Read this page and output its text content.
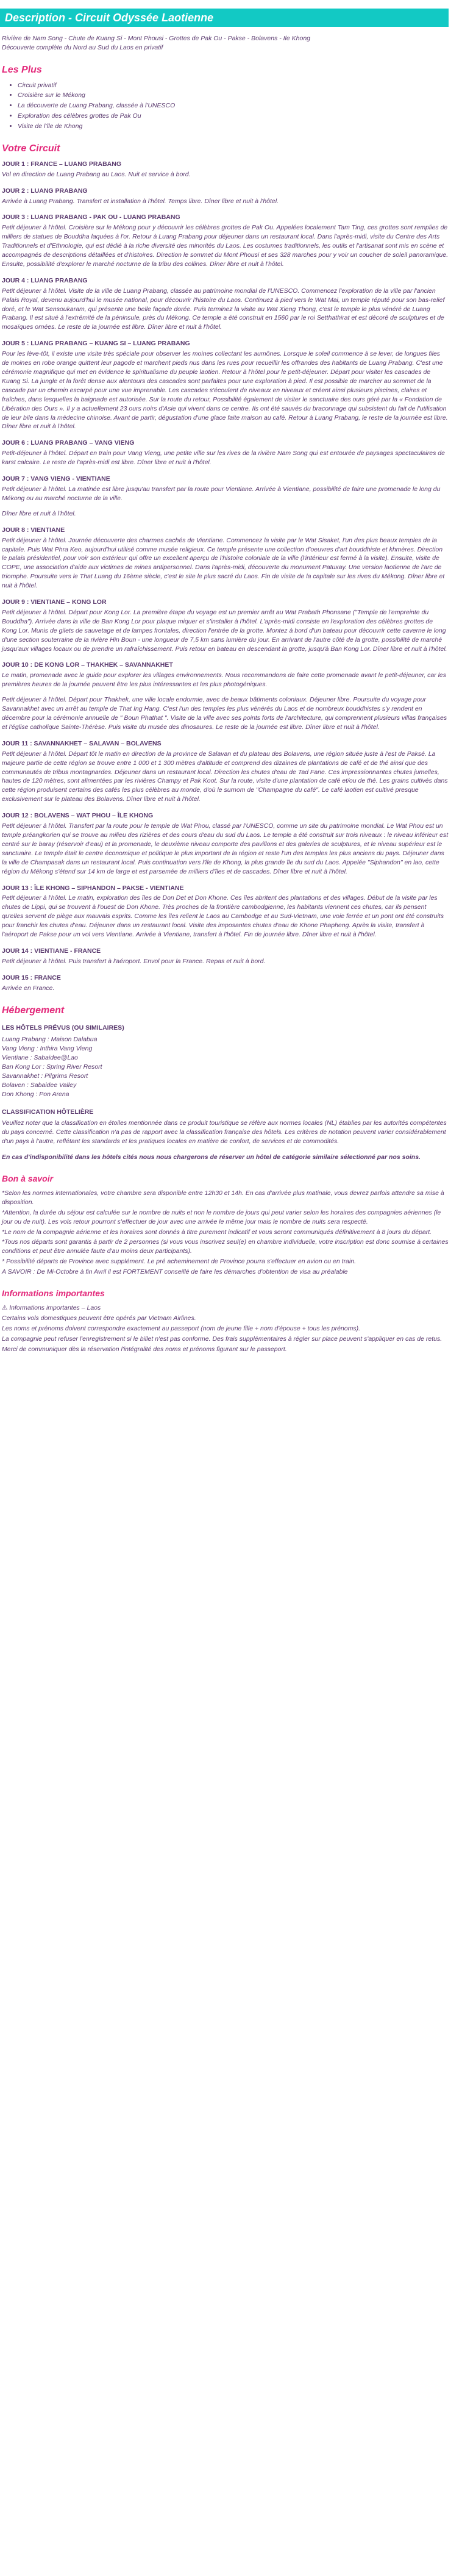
Description - Circuit Odyssée Laotienne

Rivière de Nam Song - Chute de Kuang Si - Mont Phousi - Grottes de Pak Ou - Pakse - Bolavens - Ile Khong
Découverte complète du Nord au Sud du Laos en privatif

Les Plus
• Circuit privatif
• Croisière sur le Mékong
• La découverte de Luang Prabang, classée à l'UNESCO
• Exploration des célèbres grottes de Pak Ou
• Visite de l'île de Khong
Votre Circuit
JOUR 1 : FRANCE – LUANG PRABANG

Vol en direction de Luang Prabang au Laos. Nuit et service à bord.

JOUR 2 : LUANG PRABANG

Arrivée à Luang Prabang. Transfert et installation à l'hôtel. Temps libre. Dîner libre et nuit à l'hôtel.

JOUR 3 : LUANG PRABANG - PAK OU - LUANG PRABANG

Petit déjeuner à l'hôtel. Croisière sur le Mékong pour y découvrir les célèbres grottes de Pak Ou. Appelées localement Tam Ting, ces grottes sont remplies de milliers de statues de Bouddha laquées à l'or. Retour à Luang Prabang pour déjeuner dans un restaurant local. Dans l'après-midi, visite du Centre des Arts Traditionnels et d'Ethnologie, qui est dédié à la riche diversité des minorités du Laos. Les costumes traditionnels, les outils et l'artisanat sont mis en scène et accompagnés de descriptions détaillées et d'histoires. Direction le sommet du Mont Phousi et ses 328 marches pour y voir un coucher de soleil panoramique. Ensuite, possibilité d'explorer le marché nocturne de la tribu des collines. Dîner libre et nuit à l'hôtel.

JOUR 4 : LUANG PRABANG

Petit déjeuner à l'hôtel. Visite de la ville de Luang Prabang, classée au patrimoine mondial de l'UNESCO. Commencez l'exploration de la ville par l'ancien Palais Royal, devenu aujourd'hui le musée national, pour découvrir l'histoire du Laos. Continuez à pied vers le Wat Mai, un temple réputé pour son bas-relief doré, et le Wat Sensoukaram, qui présente une belle façade dorée. Puis terminez la visite au Wat Xieng Thong, c'est le temple le plus vénéré de Luang Prabang. Il est situé à l'extrémité de la péninsule, près du Mékong. Ce temple a été construit en 1560 par le roi Setthathirat et est décoré de sculptures et de mosaïques ornées. Le reste de la journée est libre. Dîner libre et nuit à l'hôtel.

JOUR 5 : LUANG PRABANG – KUANG SI – LUANG PRABANG

Pour les lève-tôt, il existe une visite très spéciale pour observer les moines collectant les aumônes. Lorsque le soleil commence à se lever, de longues files de moines en robe orange quittent leur pagode et marchent pieds nus dans les rues pour recueillir les offrandes des habitants de Luang Prabang. C'est une cérémonie magnifique qui met en évidence le spiritualisme du peuple laotien. Retour à l'hôtel pour le petit-déjeuner. Départ pour visiter les cascades de Kuang Si. La jungle et la forêt dense aux alentours des cascades sont parfaites pour une exploration à pied. Il est possible de marcher au sommet de la cascade par un chemin escarpé pour une vue imprenable. Les cascades s'écoulent de niveaux en niveaux et créent ainsi plusieurs piscines, claires et fraîches, dans lesquelles la baignade est autorisée. Sur la route du retour, Possibilité également de visiter le sanctuaire des ours géré par la « Fondation de Libération des Ours ». Il y a actuellement 23 ours noirs d'Asie qui vivent dans ce centre. Ils ont été sauvés du braconnage qui subsistent du fait de l'utilisation de leur bile dans la médecine chinoise. Avant de partir, dégustation d'une glace faite maison au café. Retour à Luang Prabang, le reste de la journée est libre. Dîner libre et nuit à l'hôtel.

JOUR 6 : LUANG PRABANG – VANG VIENG

Petit-déjeuner à l'hôtel. Départ en train pour Vang Vieng, une petite ville sur les rives de la rivière Nam Song qui est entourée de paysages spectaculaires de karst calcaire. Le reste de l'après-midi est libre. Dîner libre et nuit à l'hôtel.

JOUR 7 : VANG VIENG - VIENTIANE

Petit déjeuner à l'hôtel. La matinée est libre jusqu'au transfert par la route pour Vientiane. Arrivée à Vientiane, possibilité de faire une promenade le long du Mékong ou au marché nocturne de la ville.
Dîner libre et nuit à l'hôtel.

JOUR 8 : VIENTIANE

Petit déjeuner à l'hôtel. Journée découverte des charmes cachés de Vientiane. Commencez la visite par le Wat Sisaket, l'un des plus beaux temples de la capitale. Puis Wat Phra Keo, aujourd'hui utilisé comme musée religieux. Ce temple présente une collection d'oeuvres d'art bouddhiste et khmères. Direction le palais présidentiel, pour voir son extérieur qui offre un excellent aperçu de l'histoire coloniale de la ville (l'intérieur est fermé à la visite). Ensuite, visite de COPE, une association d'aide aux victimes de mines antipersonnel. Dans l'après-midi, découverte du monument Patuxay. Une version laotienne de l'arc de triomphe. Poursuite vers le That Luang du 16ème siècle, c'est le site le plus sacré du Laos. Fin de visite de la capitale sur les rives du Mékong. Dîner libre et nuit à l'hôtel.

JOUR 9 : VIENTIANE – KONG LOR

Petit déjeuner à l'hôtel. Départ pour Kong Lor. La première étape du voyage est un premier arrêt au Wat Prabath Phonsane ("Temple de l'empreinte du Bouddha"). Arrivée dans la ville de Ban Kong Lor pour plaque miquer et s'installer à l'hôtel. L'après-midi consiste en l'exploration des célèbres grottes de Kong Lor. Munis de gilets de sauvetage et de lampes frontales, direction l'entrée de la grotte. Montez à bord d'un bateau pour découvrir cette caverne le long d'une section souterraine de la rivière Hin Boun - une longueur de 7,5 km sans lumière du jour. En arrivant de l'autre côté de la grotte, possibilité de marché jusqu'aux villages locaux ou de prendre un rafraîchissement. Puis retour en bateau en descendant la grotte, jusqu'à Ban Kong Lor. Dîner libre et nuit à l'hôtel.

JOUR 10 : DE KONG LOR – THAKHEK – SAVANNAKHET

Le matin, promenade avec le guide pour explorer les villages environnements. Nous recommandons de faire cette promenade avant le petit-déjeuner, car les premières heures de la journée peuvent être les plus intéressantes et les plus photogéniques.
Petit déjeuner à l'hôtel. Départ pour Thakhek, une ville locale endormie, avec de beaux bâtiments coloniaux. Déjeuner libre. Poursuite du voyage pour Savannakhet avec un arrêt au temple de That Ing Hang. C'est l'un des temples les plus vénérés du Laos et de nombreux bouddhistes s'y rendent en décembre pour la cérémonie annuelle de " Boun Phathat ". Visite de la ville avec ses points forts de l'architecture, qui comprennent plusieurs villas françaises et l'église catholique Sainte-Thérèse. Puis visite du musée des dinosaures. Le reste de la journée est libre. Dîner libre et nuit à l'hôtel.

JOUR 11 : SAVANNAKHET – SALAVAN – BOLAVENS

Petit déjeuner à l'hôtel. Départ tôt le matin en direction de la province de Salavan et du plateau des Bolavens, une région située juste à l'est de Paksé. La majeure partie de cette région se trouve entre 1 000 et 1 300 mètres d'altitude et comprend des dizaines de plantations de café et de thé ainsi que des communautés de tribus montagnardes. Déjeuner dans un restaurant local. Direction les chutes d'eau de Tad Fane. Ces impressionnantes chutes jumelles, hautes de 120 mètres, sont alimentées par les rivières Champy et Pak Koot. Sur la route, visite d'une plantation de café et/ou de thé. Les grains cultivés dans cette région produisent certains des cafés les plus célèbres au monde, d'où le surnom de "Champagne du café". Le café laotien est cultivé presque exclusivement sur le plateau des Bolavens. Dîner libre et nuit à l'hôtel.

JOUR 12 : BOLAVENS – WAT PHOU – ÎLE KHONG

Petit déjeuner à l'hôtel. Transfert par la route pour le temple de Wat Phou, classé par l'UNESCO, comme un site du patrimoine mondial. Le Wat Phou est un temple préangkorien qui se trouve au milieu des rizières et des cours d'eau du sud du Laos. Le temple a été construit sur trois niveaux : le niveau inférieur est centré sur le baray (réservoir d'eau) et la promenade, le deuxième niveau comporte des pavillons et des galeries de sculptures, et le niveau supérieur est le sanctuaire. Le temple était le centre économique et politique le plus important de la région et reste l'un des temples les plus anciens du pays. Déjeuner dans la ville de Champasak dans un restaurant local. Puis continuation vers l'île de Khong, la plus grande île du sud du Laos. Appelée "Siphandon" en lao, cette région du Mékong s'étend sur 14 km de large et est parsemée de milliers d'îles et de cascades. Dîner libre et nuit à l'hôtel.

JOUR 13 : ÎLE KHONG – SIPHANDON – PAKSE - VIENTIANE

Petit déjeuner à l'hôtel. Le matin, exploration des îles de Don Det et Don Khone. Ces îles abritent des plantations et des villages. Début de la visite par les chutes de Lippi, qui se trouvent à l'ouest de Don Khone. Très proches de la frontière cambodgienne, les habitants viennent ces chutes, car ils pensent qu'elles servent de piège aux mauvais esprits. Comme les îles relient le Laos au Cambodge et au Sud-Vietnam, une voie ferrée et un pont ont été construits pour franchir les chutes d'eau. Déjeuner dans un restaurant local. Visite des imposantes chutes d'eau de Khone Phapheng. Après la visite, transfert à l'aéroport de Pakse pour un vol vers Vientiane. Arrivée à Vientiane, transfert à l'hôtel. Fin de journée libre. Dîner libre et nuit à l'hôtel.

JOUR 14 : VIENTIANE - FRANCE

Petit déjeuner à l'hôtel. Puis transfert à l'aéroport. Envol pour la France. Repas et nuit à bord.

JOUR 15 : FRANCE

Arrivée en France.

Hébergement
LES HÔTELS PRÉVUS (OU SIMILAIRES)
Luang Prabang : Maison Dalabua
Vang Vieng : Inthira Vang Vieng
Vientiane : Sabaidee@Lao
Ban Kong Lor : Spring River Resort
Savannakhet : Pilgrims Resort
Bolaven : Sabaidee Valley
Don Khong : Pon Arena
CLASSIFICATION HÔTELIÈRE

Veuillez noter que la classification en étoiles mentionnée dans ce produit touristique se réfère aux normes locales (NL) établies par les autorités compétentes du pays concerné. Cette classification n'a pas de rapport avec la classification française des hôtels. Les critères de notation peuvent varier considérablement d'un pays à l'autre, reflétant les standards et les pratiques locales en matière de confort, de services et de commodités.

En cas d'indisponibilité dans les hôtels cités nous nous chargerons de réserver un hôtel de catégorie similaire sélectionné par nos soins.

Bon à savoir

*Selon les normes internationales, votre chambre sera disponible entre 12h30 et 14h. En cas d'arrivée plus matinale, vous devrez parfois attendre sa mise à disposition.

*Attention, la durée du séjour est calculée sur le nombre de nuits et non le nombre de jours qui peut varier selon les horaires des compagnies aériennes (le jour ou de nuit). Les vols retour pourront s'effectuer de jour avec une arrivée le même jour mais le nombre de nuits sera respecté.

*Le nom de la compagnie aérienne et les horaires sont donnés à titre purement indicatif et vous seront communiqués définitivement à 8 jours du départ.

*Tous nos départs sont garantis à partir de 2 personnes (si vous vous inscrivez seul(e) en chambre individuelle, votre inscription est donc soumise à certaines conditions et peut être annulée faute d'au moins deux participants).

* Possibilité départs de Province avec supplément. Le pré acheminement de Province pourra s'effectuer en avion ou en train.

A SAVOIR : De Mi-Octobre à fin Avril il est FORTEMENT conseillé de faire les démarches d'obtention de visa au préalable

Informations importantes

⚠ Informations importantes – Laos

Certains vols domestiques peuvent être opérés par Vietnam Airlines.

Les noms et prénoms doivent correspondre exactement au passeport (nom de jeune fille + nom d'épouse + tous les prénoms).

La compagnie peut refuser l'enregistrement si le billet n'est pas conforme. Des frais supplémentaires à régler sur place peuvent s'appliquer en cas de retus.

Merci de communiquer dès la réservation l'intégralité des noms et prénoms figurant sur le passeport.
